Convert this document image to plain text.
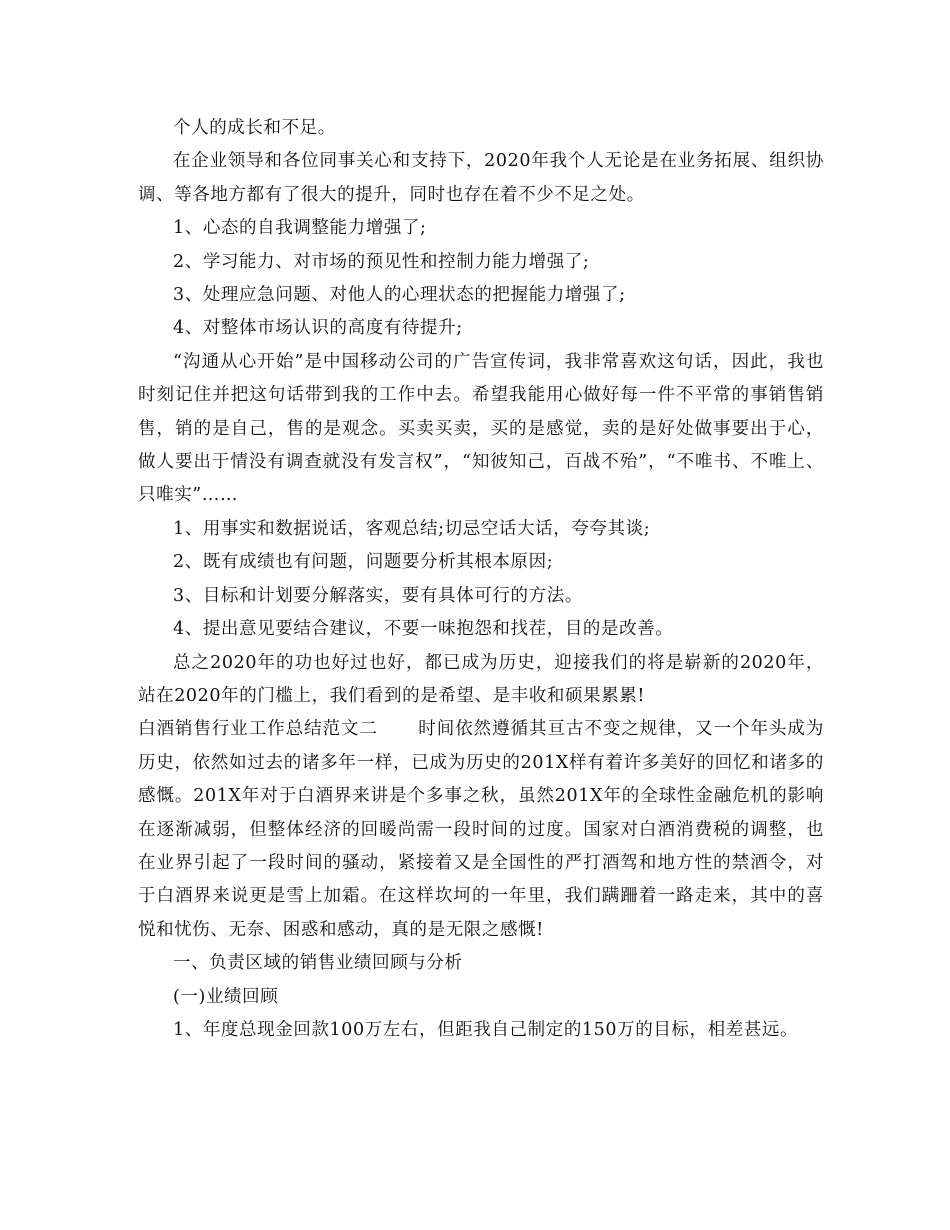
个人的成长和不足。

在企业领导和各位同事关心和支持下，2020年我个人无论是在业务拓展、组织协调、等各地方都有了很大的提升，同时也存在着不少不足之处。

1、心态的自我调整能力增强了;

2、学习能力、对市场的预见性和控制力能力增强了;

3、处理应急问题、对他人的心理状态的把握能力增强了;

4、对整体市场认识的高度有待提升;

“沟通从心开始”是中国移动公司的广告宣传词，我非常喜欢这句话，因此，我也时刻记住并把这句话带到我的工作中去。希望我能用心做好每一件不平常的事销售销售，销的是自己，售的是观念。买卖买卖，买的是感觉，卖的是好处做事要出于心，做人要出于情没有调查就没有发言权”，“知彼知己，百战不殆”，“不唯书、不唯上、只唯实”……

1、用事实和数据说话，客观总结;切忌空话大话，夸夸其谈;

2、既有成绩也有问题，问题要分析其根本原因;

3、目标和计划要分解落实，要有具体可行的方法。

4、提出意见要结合建议，不要一味抱怨和找茬，目的是改善。

总之2020年的功也好过也好，都已成为历史，迎接我们的将是崭新的2020年，站在2020年的门槛上，我们看到的是希望、是丰收和硕果累累!

白酒销售行业工作总结范文二 时间依然遵循其亘古不变之规律，又一个年头成为历史，依然如过去的诸多年一样，已成为历史的201X样有着许多美好的回忆和诸多的感慨。201X年对于白酒界来讲是个多事之秋，虽然201X年的全球性金融危机的影响在逐渐减弱，但整体经济的回暖尚需一段时间的过度。国家对白酒消费税的调整，也在业界引起了一段时间的骚动，紧接着又是全国性的严打酒驾和地方性的禁酒令，对于白酒界来说更是雪上加霜。在这样坎坷的一年里，我们蹒跚着一路走来，其中的喜悦和忧伤、无奈、困惑和感动，真的是无限之感慨!

一、负责区域的销售业绩回顾与分析

(一)业绩回顾

1、年度总现金回款100万左右，但距我自己制定的150万的目标，相差甚远。
